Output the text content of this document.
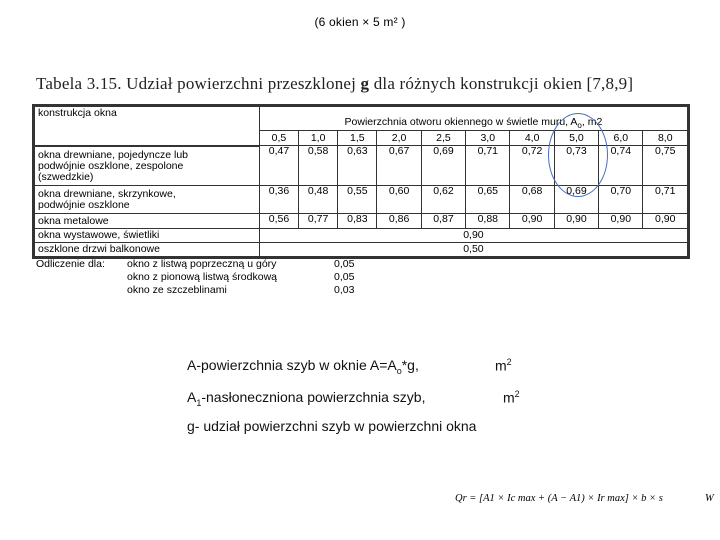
(6 okien × 5 m² )
Tabela 3.15. Udział powierzchni przeszklonej g dla różnych konstrukcji okien [7,8,9]
konstrukcja okna	Powierzchnia otworu okiennego w świetle muru, $A_o$, m2									
	0,5	1,0	1,5	2,0	2,5	3,0	4,0	5,0	6,0	8,0

okna drewniane, pojedyncze lub
podwójnie oszklone, zespolone
(szwedzkie)	0,47	0,58	0,63	0,67	0,69	0,71	0,72	0,73	0,74	0,75

okna drewniane, skrzynkowe,
podwójnie oszklone	0,36	0,48	0,55	0,60	0,62	0,65	0,68	0,69	0,70	0,71

okna metalowe	0,56	0,77	0,83	0,86	0,87	0,88	0,90	0,90	0,90	0,90
okna wystawowe, świetliki	0,90									
oszklone drzwi balkonowe	0,50									
Odliczenie dla: okno z listwą poprzeczną u góry	0,05
okno z pionową listwą środkową	0,05
okno ze szczeblinami	0,03
A-powierzchnia szyb w oknie $A=A_o*g$,	$m^2$
$A_1$-nasłoneczniona powierzchnia szyb,	$m^2$
g- udział powierzchni szyb w powierzchni okna
Qr = [A1 × Ic max + (A − A1) × Ir max] × b × s	W
